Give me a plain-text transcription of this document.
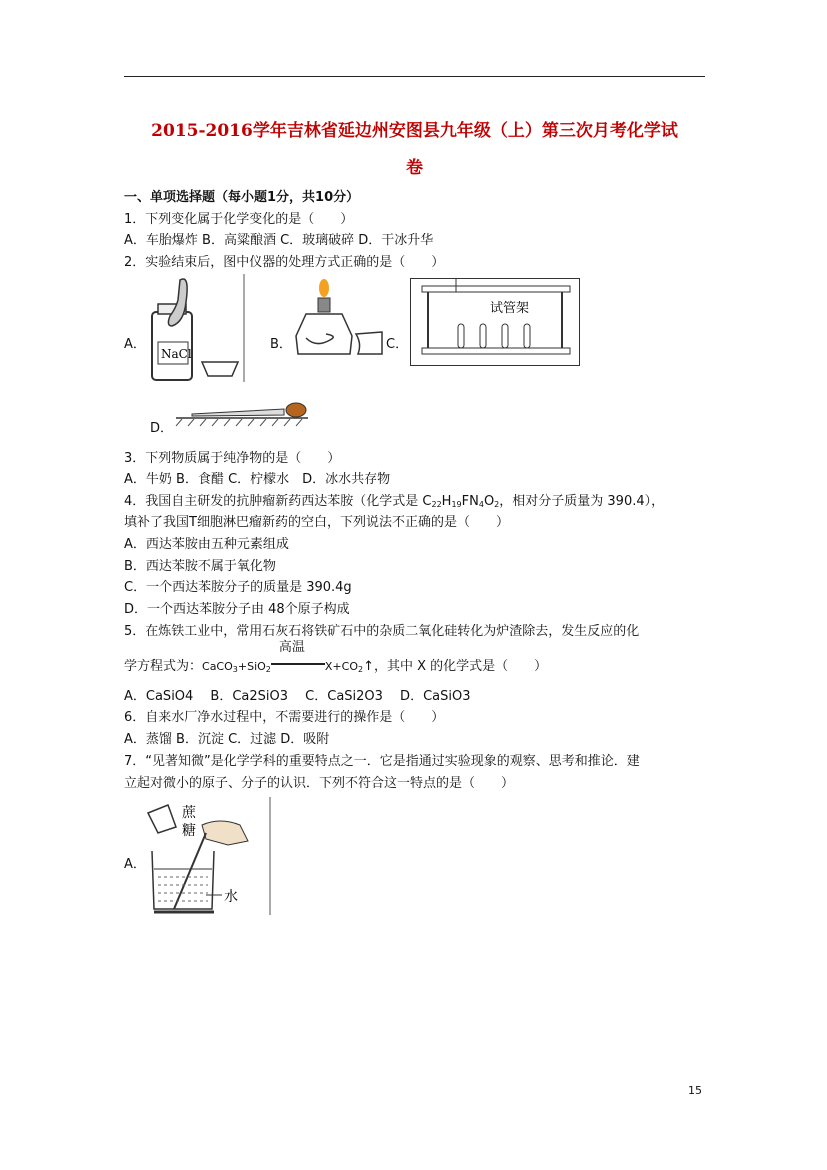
2015-2016学年吉林省延边州安图县九年级（上）第三次月考化学试
卷
一、单项选择题（每小题1分，共10分）
1．下列变化属于化学变化的是（　　）
A．车胎爆炸 B．高粱酿酒 C．玻璃破碎 D．干冰升华
2．实验结束后，图中仪器的处理方式正确的是（　　）
A．
NaCl
B．	C．
试管架
D．
3．下列物质属于纯净物的是（　　）
A．牛奶 B．食醋 C．柠檬水　D．冰水共存物
4．我国自主研发的抗肿瘤新药西达苯胺（化学式是 $C_{22}H_{19}FN_4O_2$，相对分子质量为 390.4），
填补了我国T细胞淋巴瘤新药的空白，下列说法不正确的是（　　）
A．西达苯胺由五种元素组成
B．西达苯胺不属于氧化物
C．一个西达苯胺分子的质量是 390.4g
D．一个西达苯胺分子由 48个原子构成
5．在炼铁工业中，常用石灰石将铁矿石中的杂质二氧化硅转化为炉渣除去，发生反应的化
学方程式为：CaCO$_3$+SiO$_2$
高温
$X+CO_2↑$，其中 X 的化学式是（　　）
A．CaSiO4　 B．Ca2SiO3　 C．CaSi2O3　 D．CaSiO3
6．自来水厂净水过程中，不需要进行的操作是（　　）
A．蒸馏 B．沉淀 C．过滤 D．吸附
7．“见著知微”是化学学科的重要特点之一．它是指通过实验现象的观察、思考和推论．建
立起对微小的原子、分子的认识．下列不符合这一特点的是（　　）
A．
蔗
糖
水
15
